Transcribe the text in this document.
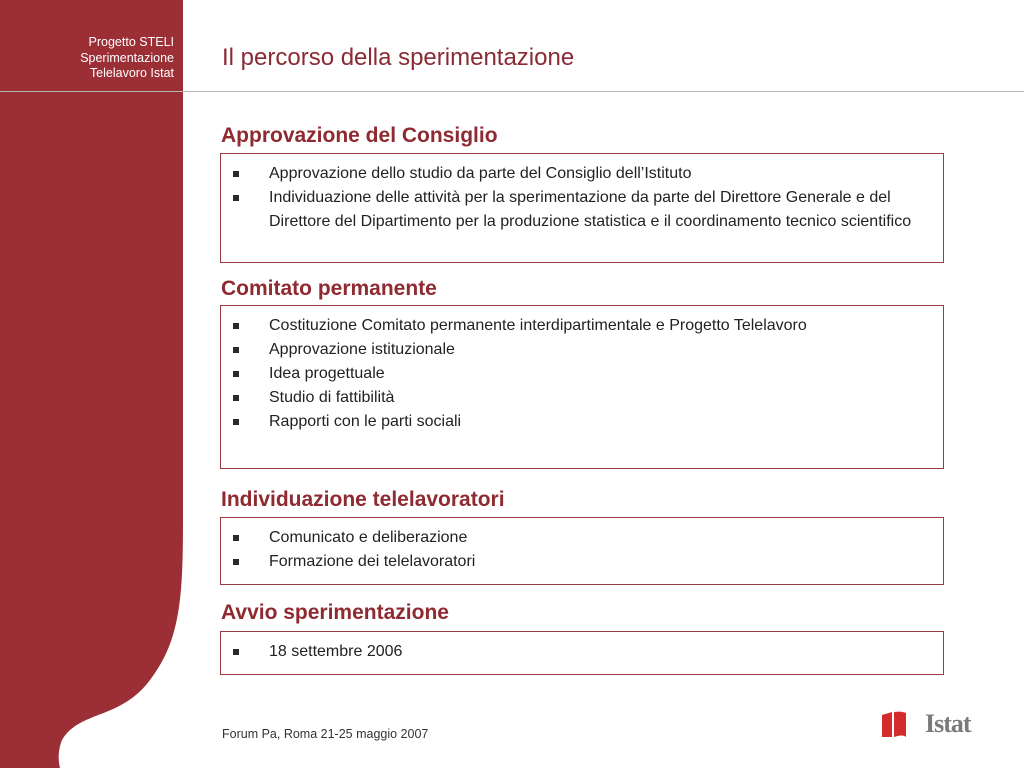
Progetto STELI
Sperimentazione
Telelavoro Istat
Il percorso della sperimentazione
Approvazione del Consiglio
Approvazione dello studio da parte del Consiglio dell’Istituto
Individuazione delle attività per la sperimentazione da parte del Direttore Generale e del Direttore del Dipartimento per la produzione statistica e il coordinamento tecnico scientifico
Comitato permanente
Costituzione Comitato permanente interdipartimentale e Progetto Telelavoro
Approvazione istituzionale
Idea progettuale
Studio di fattibilità
Rapporti con le parti sociali
Individuazione telelavoratori
Comunicato e deliberazione
Formazione dei telelavoratori
Avvio sperimentazione
18 settembre 2006
Forum Pa, Roma 21-25 maggio 2007	Istat
